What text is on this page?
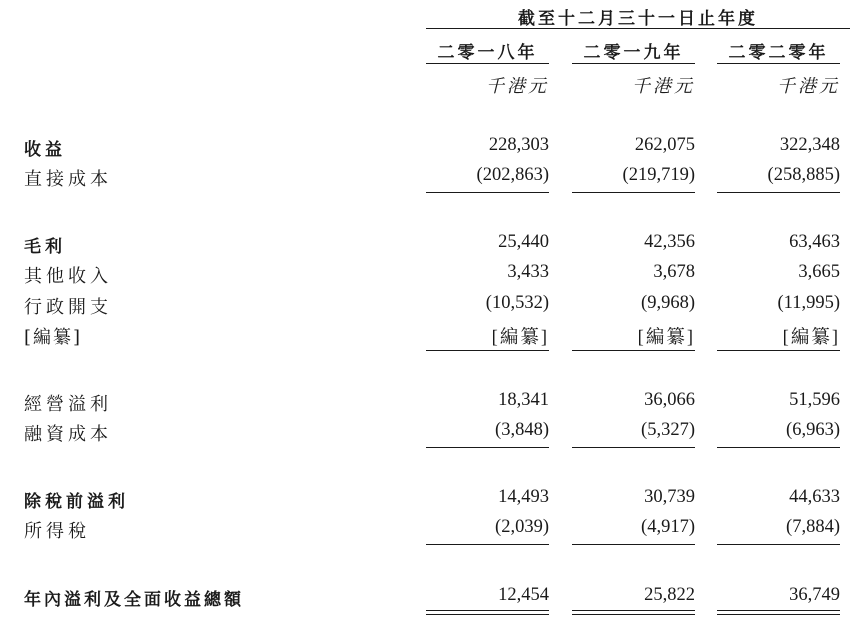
截至十二月三十一日止年度
二零一八年	二零一九年	二零二零年
千港元	千港元	千港元
收益	228,303	262,075	322,348
直接成本	(202,863)	(219,719)	(258,885)
毛利	25,440	42,356	63,463
其他收入	3,433	3,678	3,665
行政開支	(10,532)	(9,968)	(11,995)
[編纂]	[編纂]	[編纂]	[編纂]
經營溢利	18,341	36,066	51,596
融資成本	(3,848)	(5,327)	(6,963)
除稅前溢利	14,493	30,739	44,633
所得稅	(2,039)	(4,917)	(7,884)
年內溢利及全面收益總額	12,454	25,822	36,749
